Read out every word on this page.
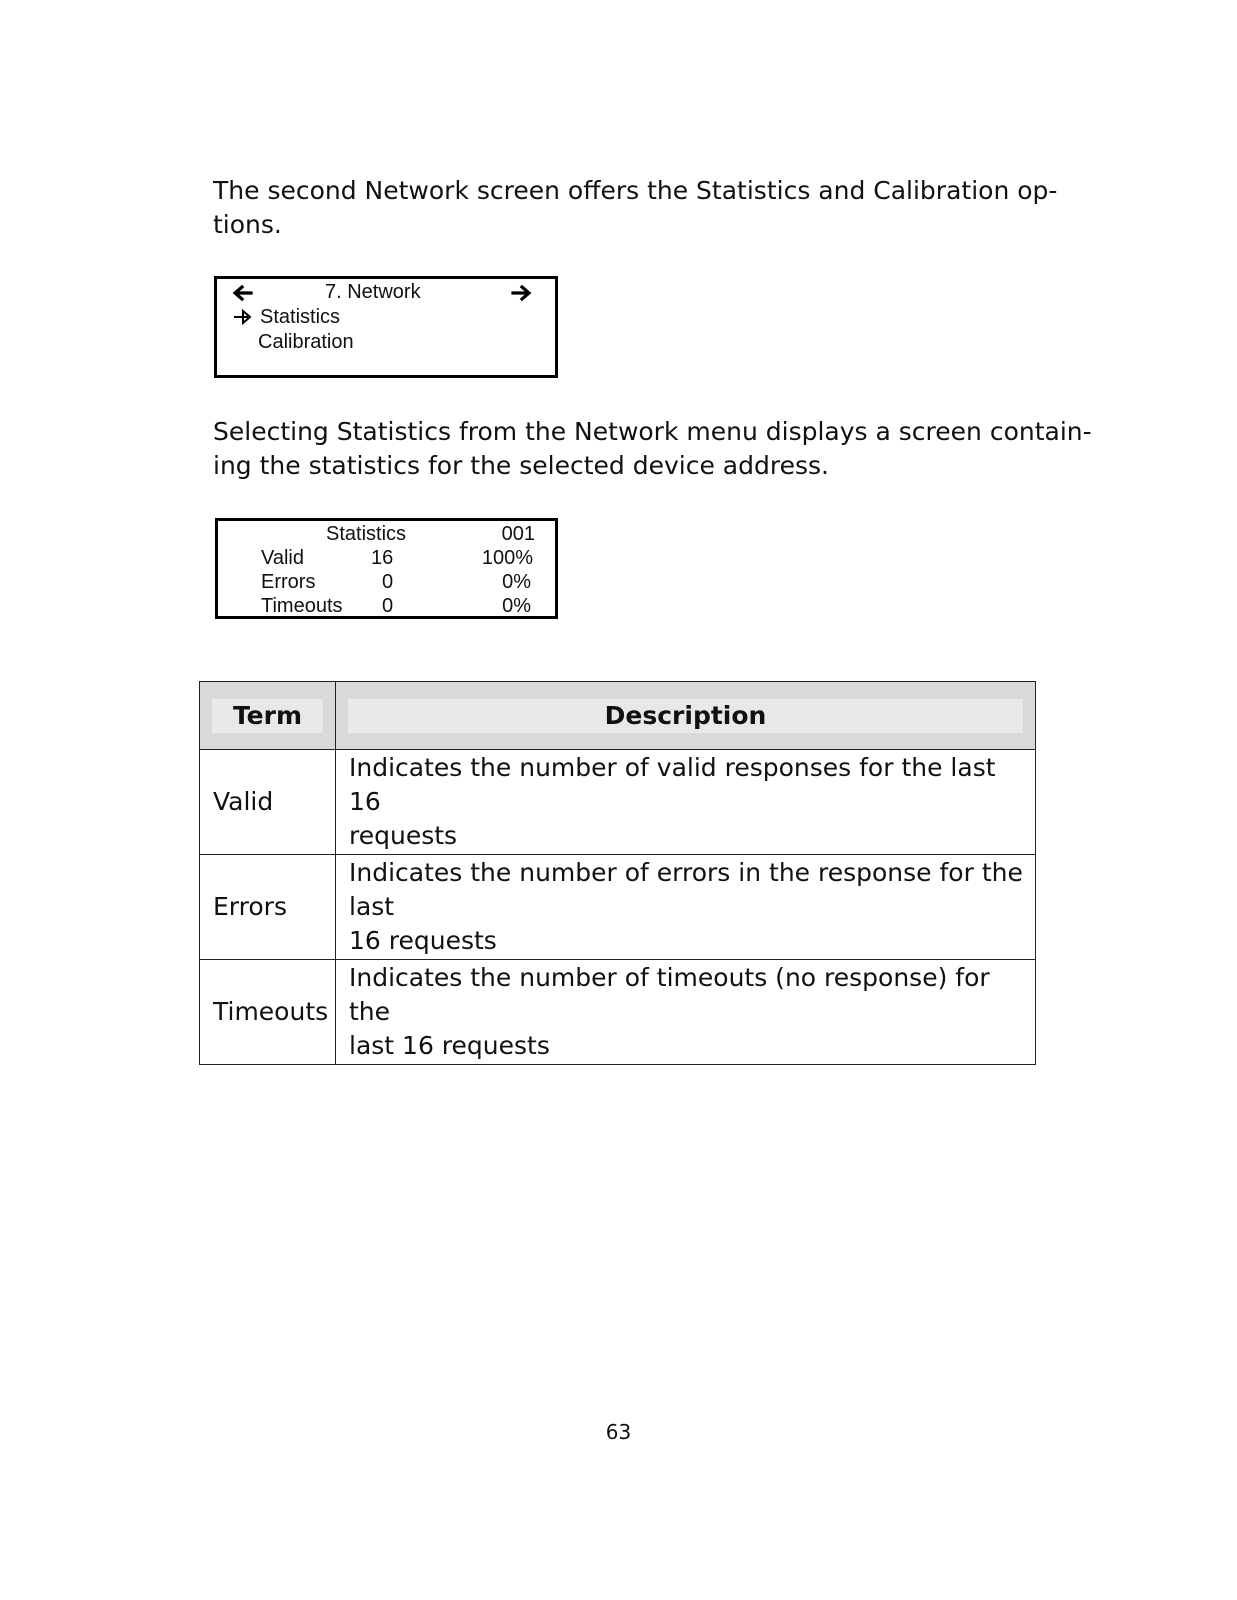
The second Network screen offers the Statistics and Calibration op-
tions.

7. Network
Statistics
Calibration

Selecting Statistics from the Network menu displays a screen contain-
ing the statistics for the selected device address.

Statistics	001
Valid	16	100%
Errors	0	0%
Timeouts 0	0%
Term	Description

Valid	Indicates the number of valid responses for the last 16
requests

Errors	Indicates the number of errors in the response for the last
16 requests

Timeouts	Indicates the number of timeouts (no response) for the
last 16 requests
63
